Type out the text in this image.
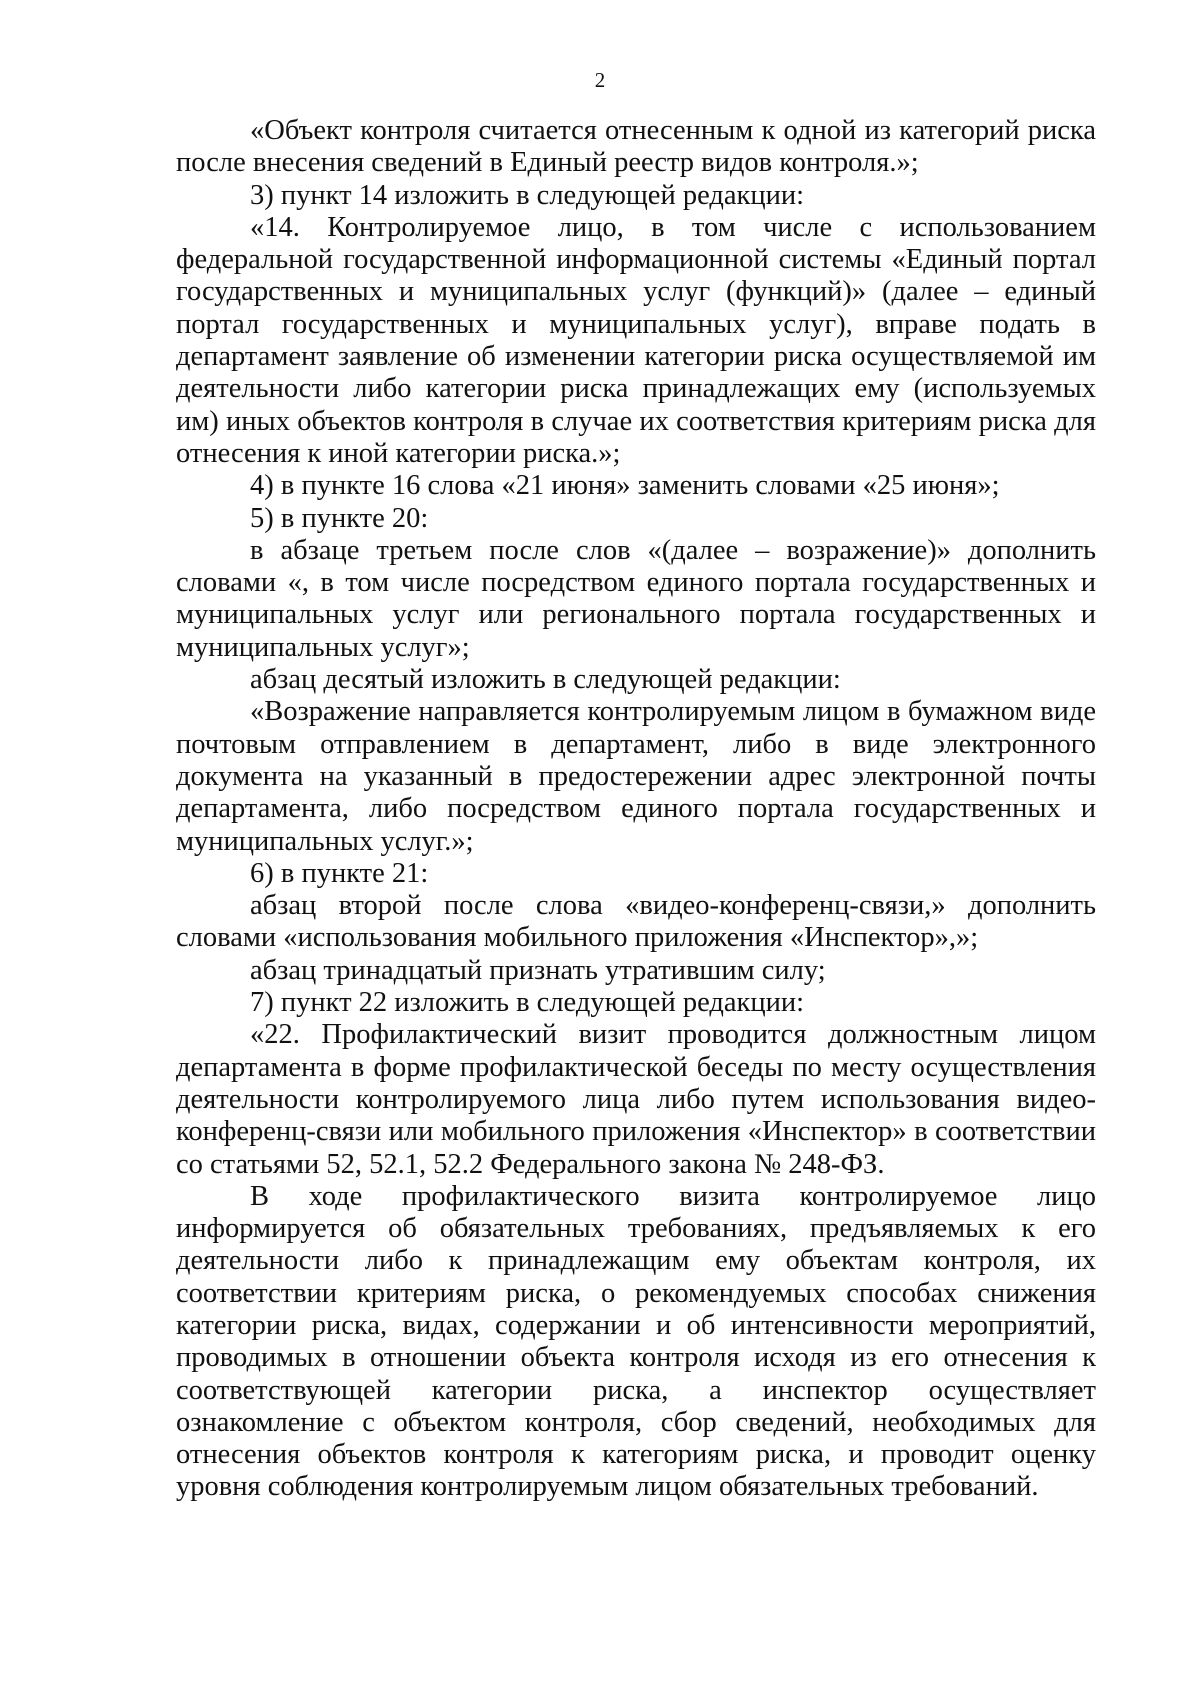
2

«Объект контроля считается отнесенным к одной из категорий риска после внесения сведений в Единый реестр видов контроля.»;

3) пункт 14 изложить в следующей редакции:

«14. Контролируемое лицо, в том числе с использованием федеральной государственной информационной системы «Единый портал государственных и муниципальных услуг (функций)» (далее – единый портал государственных и муниципальных услуг), вправе подать в департамент заявление об изменении категории риска осуществляемой им деятельности либо категории риска принадлежащих ему (используемых им) иных объектов контроля в случае их соответствия критериям риска для отнесения к иной категории риска.»;

4) в пункте 16 слова «21 июня» заменить словами «25 июня»;

5) в пункте 20:

в абзаце третьем после слов «(далее – возражение)» дополнить словами «, в том числе посредством единого портала государственных и муниципальных услуг или регионального портала государственных и муниципальных услуг»;

абзац десятый изложить в следующей редакции:

«Возражение направляется контролируемым лицом в бумажном виде почтовым отправлением в департамент, либо в виде электронного документа на указанный в предостережении адрес электронной почты департамента, либо посредством единого портала государственных и муниципальных услуг.»;

6) в пункте 21:

абзац второй после слова «видео-конференц-связи,» дополнить словами «использования мобильного приложения «Инспектор»,»;

абзац тринадцатый признать утратившим силу;

7) пункт 22 изложить в следующей редакции:

«22. Профилактический визит проводится должностным лицом департамента в форме профилактической беседы по месту осуществления деятельности контролируемого лица либо путем использования видео-конференц-связи или мобильного приложения «Инспектор» в соответствии со статьями 52, 52.1, 52.2 Федерального закона № 248-ФЗ.

В ходе профилактического визита контролируемое лицо информируется об обязательных требованиях, предъявляемых к его деятельности либо к принадлежащим ему объектам контроля, их соответствии критериям риска, о рекомендуемых способах снижения категории риска, видах, содержании и об интенсивности мероприятий, проводимых в отношении объекта контроля исходя из его отнесения к соответствующей категории риска, а инспектор осуществляет ознакомление с объектом контроля, сбор сведений, необходимых для отнесения объектов контроля к категориям риска, и проводит оценку уровня соблюдения контролируемым лицом обязательных требований.
